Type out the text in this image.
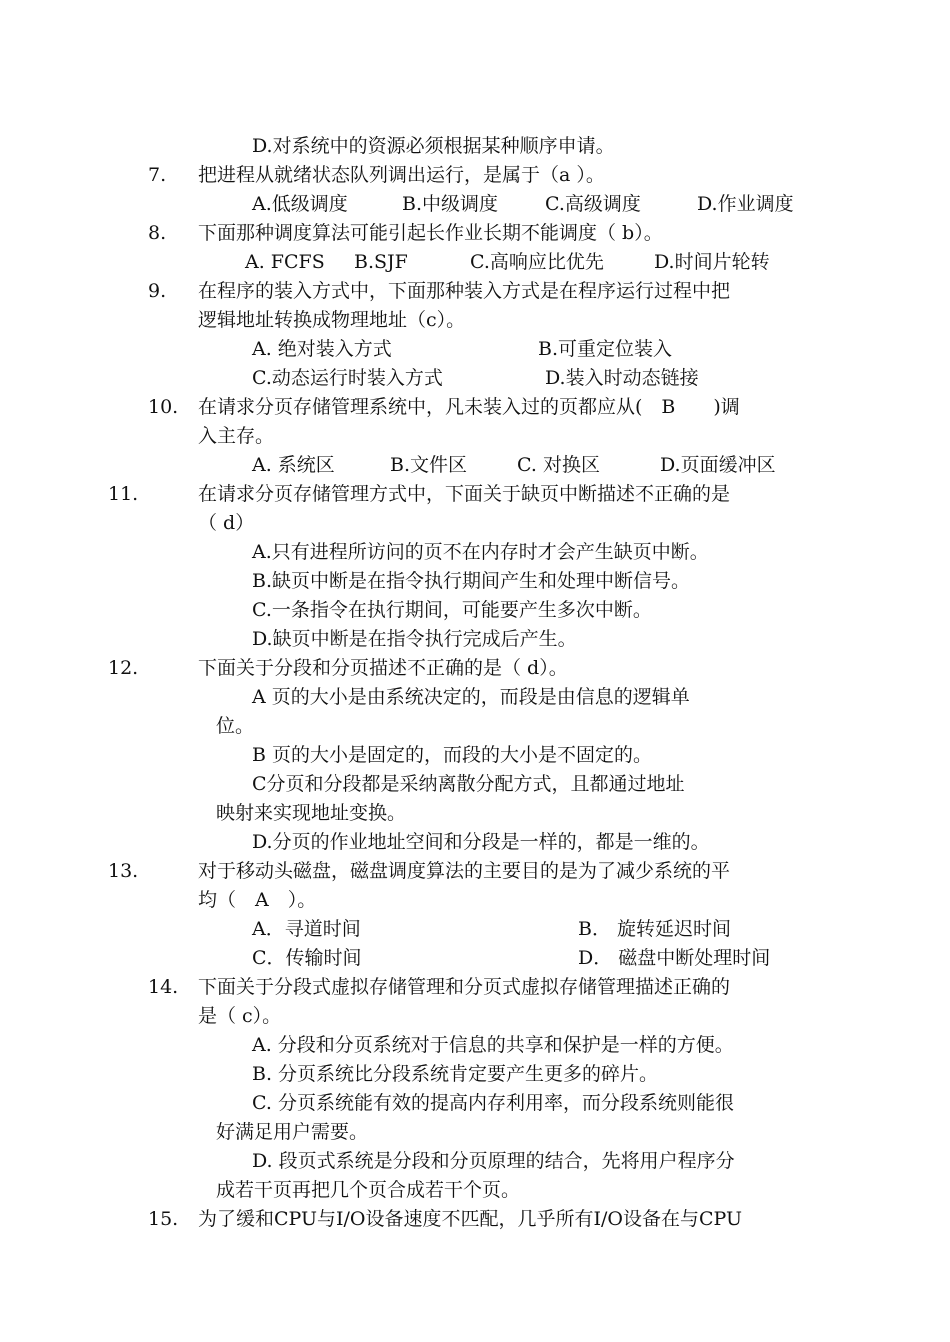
D.对系统中的资源必须根据某种顺序申请。

7. 把进程从就绪状态队列调出运行，是属于（a ）。

A.低级调度	B.中级调度 C.高级调度	D.作业调度

8. 下面那种调度算法可能引起长作业长期不能调度（ b）。

A. FCFS B.SJF	C.高响应比优先	D.时间片轮转

9. 在程序的装入方式中，下面那种装入方式是在程序运行过程中把

逻辑地址转换成物理地址（c）。

A. 绝对装入方式	B.可重定位装入

C.动态运行时装入方式	D.装入时动态链接

10. 在请求分页存储管理系统中，凡未装入过的页都应从(　B　　)调

入主存。

A. 系统区	B.文件区	C. 对换区	D.页面缓冲区

11.	在请求分页存储管理方式中，下面关于缺页中断描述不正确的是

（ d）

A.只有进程所访问的页不在内存时才会产生缺页中断。

B.缺页中断是在指令执行期间产生和处理中断信号。

C.一条指令在执行期间，可能要产生多次中断。

D.缺页中断是在指令执行完成后产生。

12.	下面关于分段和分页描述不正确的是（ d）。

A 页的大小是由系统决定的，而段是由信息的逻辑单

位。

B 页的大小是固定的，而段的大小是不固定的。

C分页和分段都是采纳离散分配方式，且都通过地址

映射来实现地址变换。

D.分页的作业地址空间和分段是一样的，都是一维的。

13.	对于移动头磁盘，磁盘调度算法的主要目的是为了减少系统的平

均（　A　）。

A．寻道时间	B． 旋转延迟时间

C．传输时间	D． 磁盘中断处理时间

14. 下面关于分段式虚拟存储管理和分页式虚拟存储管理描述正确的

是（ c）。

A. 分段和分页系统对于信息的共享和保护是一样的方便。

B. 分页系统比分段系统肯定要产生更多的碎片。

C. 分页系统能有效的提高内存利用率，而分段系统则能很

好满足用户需要。

D. 段页式系统是分段和分页原理的结合，先将用户程序分

成若干页再把几个页合成若干个页。

15. 为了缓和CPU与I/O设备速度不匹配，几乎所有I/O设备在与CPU
